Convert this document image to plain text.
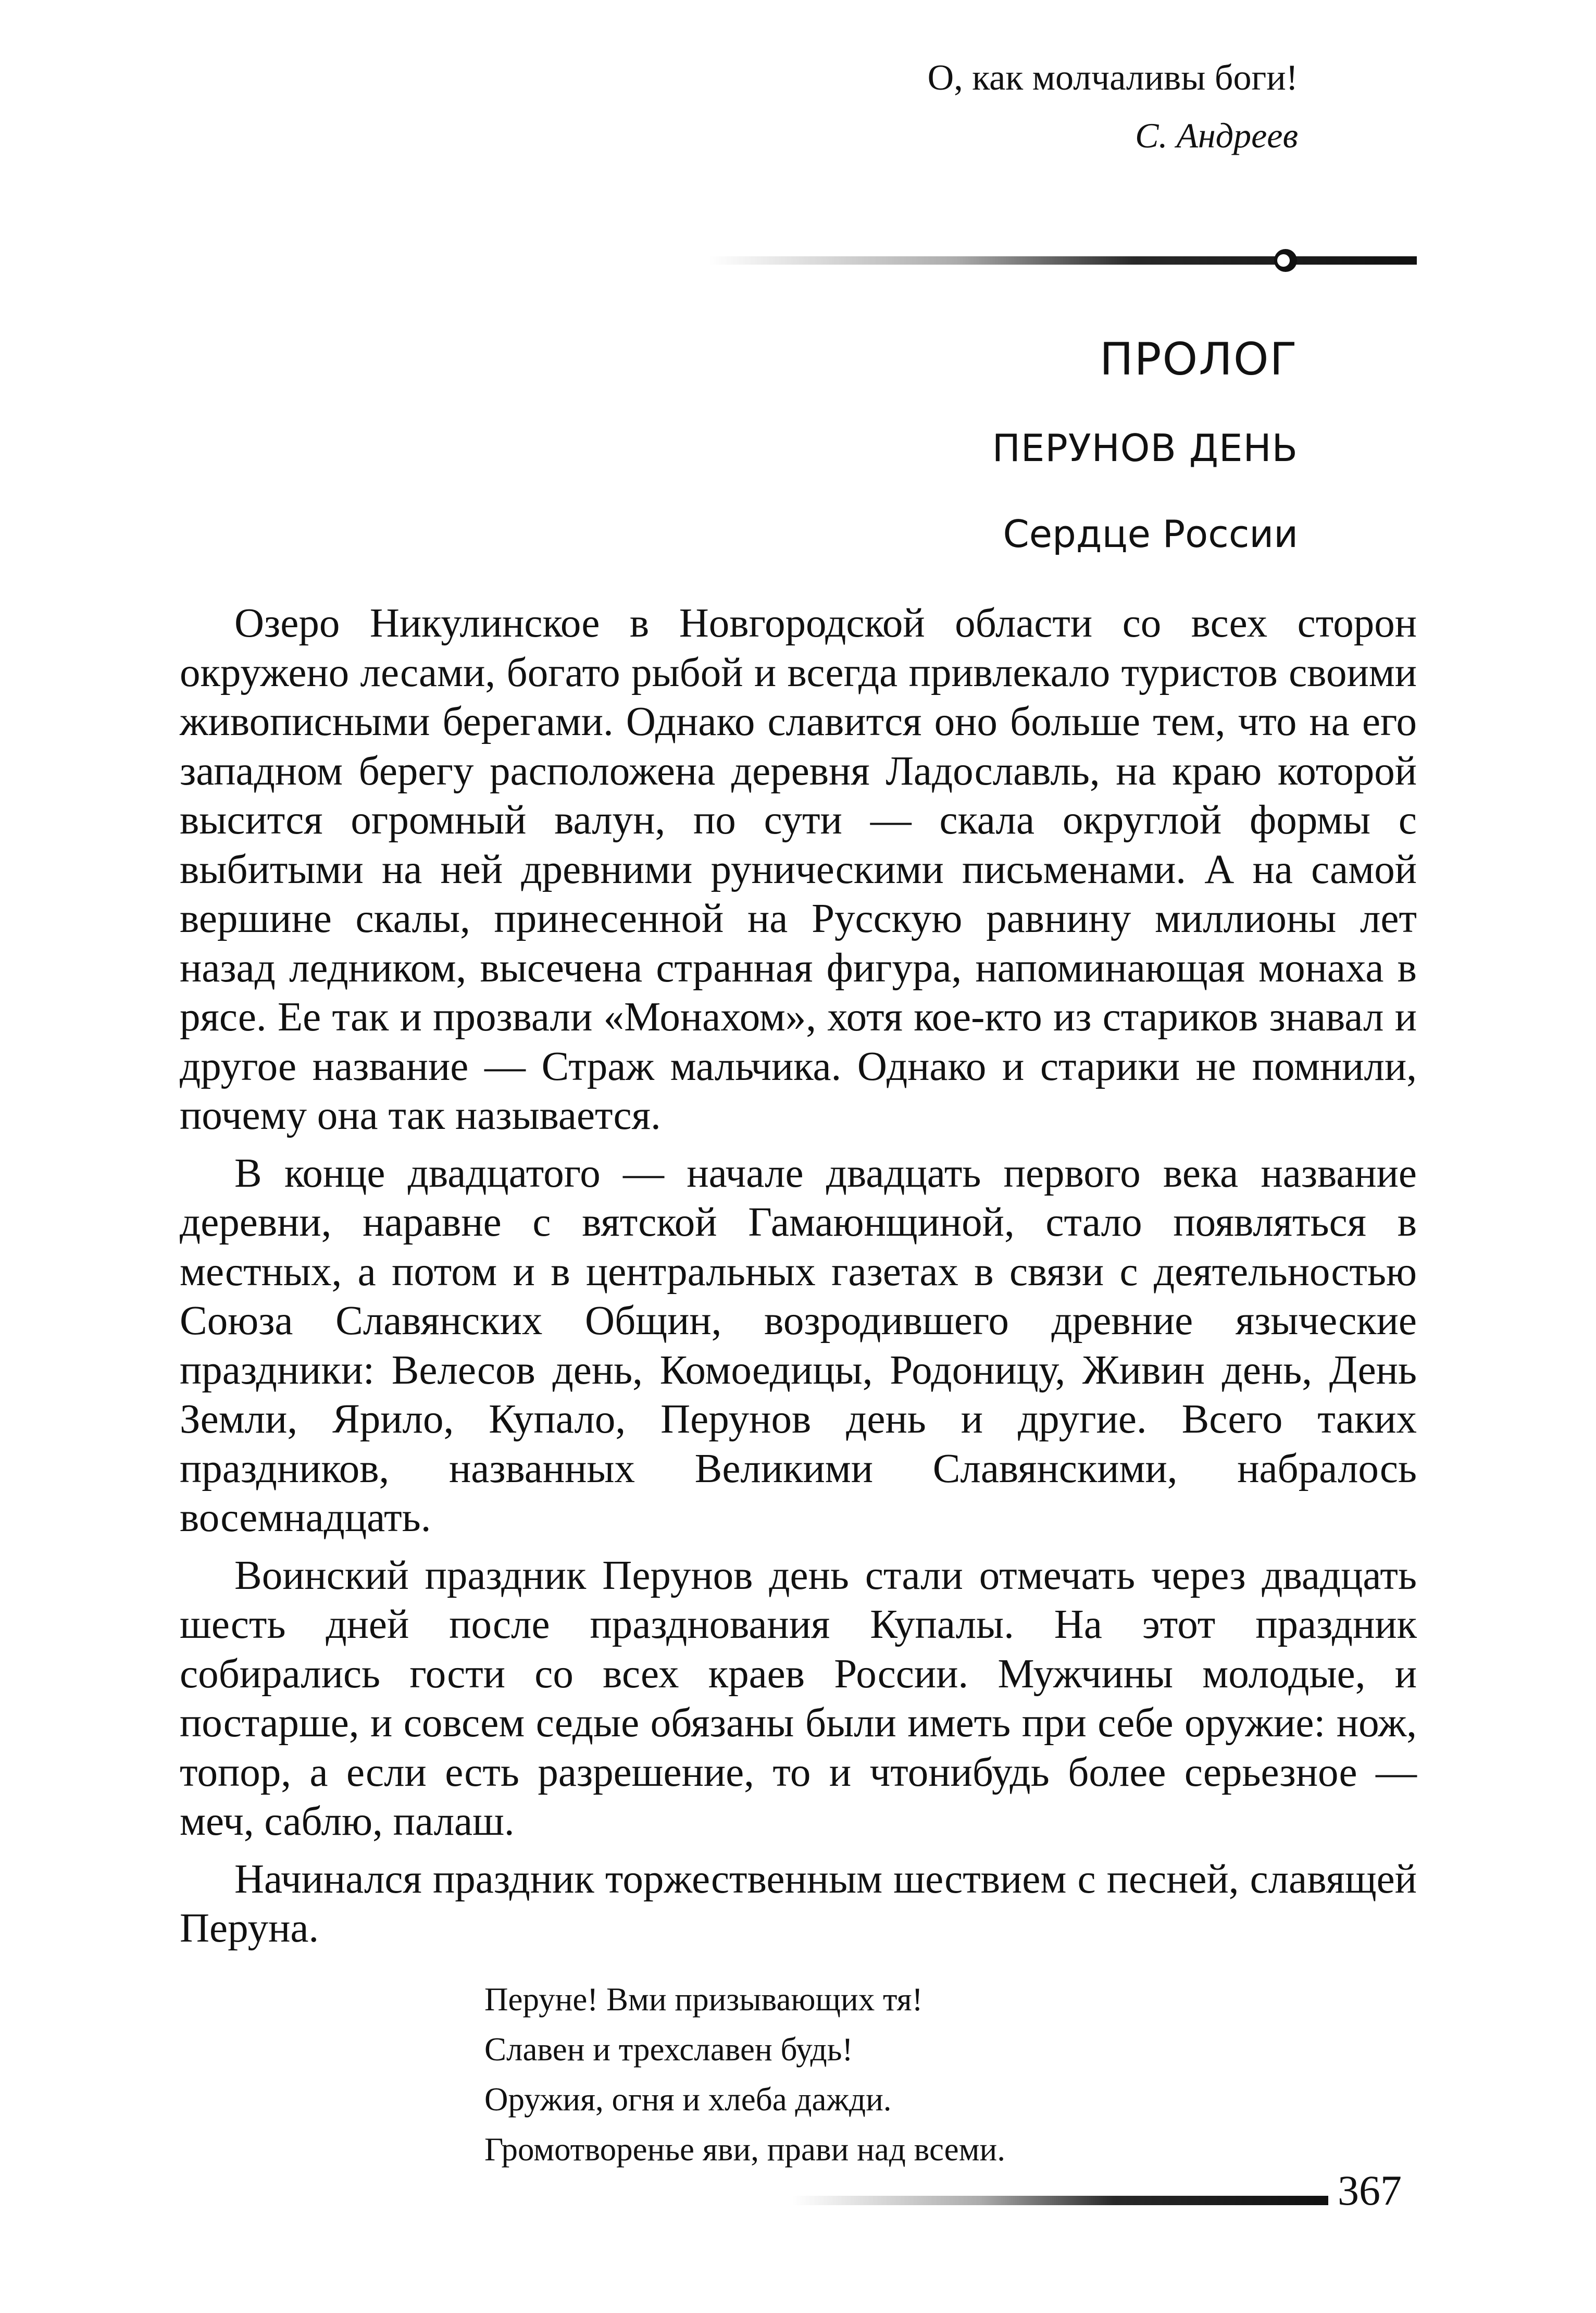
О, как молчаливы боги!

С. Андреев

ПРОЛОГ

ПЕРУНОВ ДЕНЬ

Сердце России

Озеро Никулинское в Новгородской области со всех сторон окружено лесами, богато рыбой и всегда привлекало туристов своими живописными берегами. Однако славится оно больше тем, что на его западном берегу расположена деревня Ладославль, на краю которой высится огромный валун, по сути — скала округлой формы с выбитыми на ней древними руническими письменами. А на самой вершине скалы, принесенной на Русскую равнину миллионы лет назад ледником, высечена странная фигура, напоминающая монаха в рясе. Ее так и прозвали «Монахом», хотя кое-кто из стариков знавал и другое название — Страж мальчика. Однако и старики не помнили, почему она так называется.

В конце двадцатого — начале двадцать первого века название деревни, наравне с вятской Гамаюнщиной, стало появляться в местных, а потом и в центральных газетах в связи с деятельностью Союза Славянских Общин, возродившего древние языческие праздники: Велесов день, Комоедицы, Родоницу, Живин день, День Земли, Ярило, Купало, Перунов день и другие. Всего таких праздников, названных Великими Славянскими, набралось восемнадцать.

Воинский праздник Перунов день стали отмечать через двадцать шесть дней после празднования Купалы. На этот праздник собирались гости со всех краев России. Мужчины молодые, и постарше, и совсем седые обязаны были иметь при себе оружие: нож, топор, а если есть разрешение, то и чтонибудь более серьезное — меч, саблю, палаш.

Начинался праздник торжественным шествием с песней, славящей Перуна.

Перуне! Вми призывающих тя!
Славен и трехславен будь!
Оружия, огня и хлеба дажди.
Громотворенье яви, прави над всеми.
367
